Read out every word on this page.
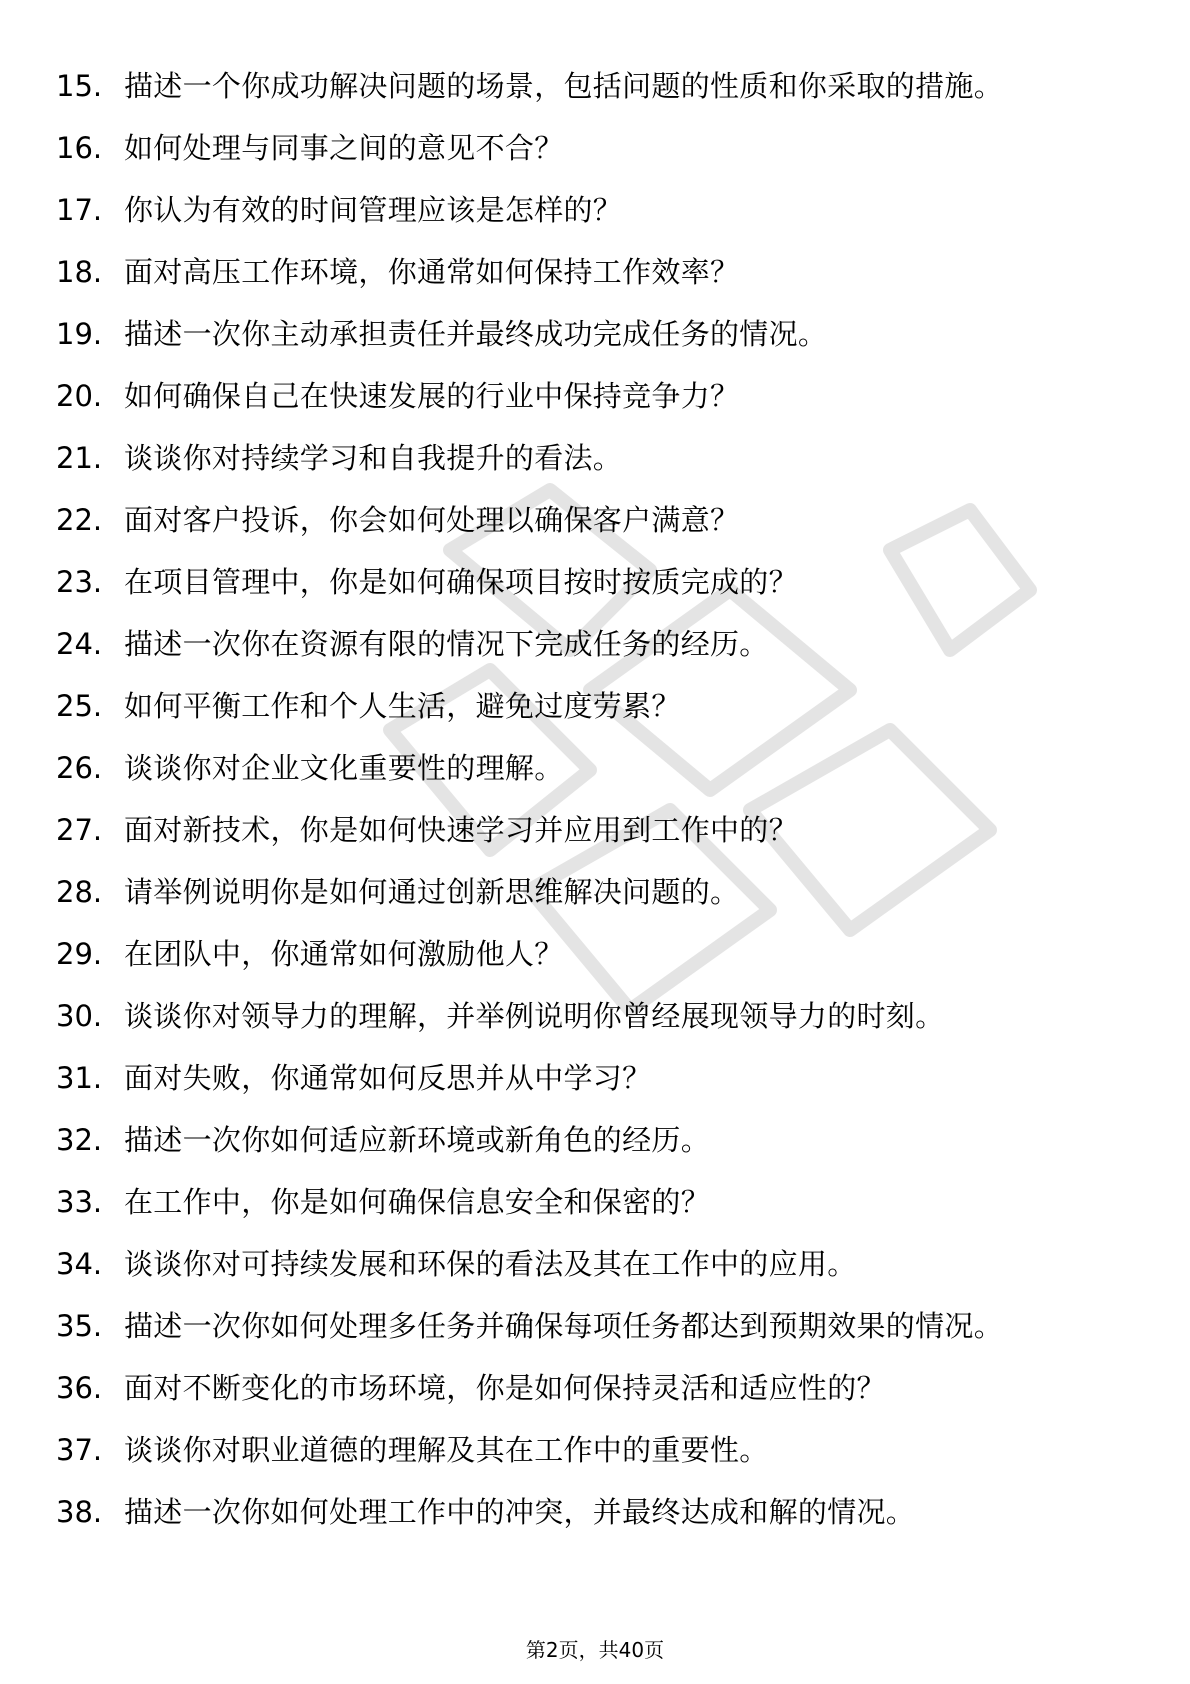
15. 描述一个你成功解决问题的场景，包括问题的性质和你采取的措施。
16. 如何处理与同事之间的意见不合？
17. 你认为有效的时间管理应该是怎样的？
18. 面对高压工作环境，你通常如何保持工作效率？
19. 描述一次你主动承担责任并最终成功完成任务的情况。
20. 如何确保自己在快速发展的行业中保持竞争力？
21. 谈谈你对持续学习和自我提升的看法。
22. 面对客户投诉，你会如何处理以确保客户满意？
23. 在项目管理中，你是如何确保项目按时按质完成的？
24. 描述一次你在资源有限的情况下完成任务的经历。
25. 如何平衡工作和个人生活，避免过度劳累？
26. 谈谈你对企业文化重要性的理解。
27. 面对新技术，你是如何快速学习并应用到工作中的？
28. 请举例说明你是如何通过创新思维解决问题的。
29. 在团队中，你通常如何激励他人？
30. 谈谈你对领导力的理解，并举例说明你曾经展现领导力的时刻。
31. 面对失败，你通常如何反思并从中学习？
32. 描述一次你如何适应新环境或新角色的经历。
33. 在工作中，你是如何确保信息安全和保密的？
34. 谈谈你对可持续发展和环保的看法及其在工作中的应用。
35. 描述一次你如何处理多任务并确保每项任务都达到预期效果的情况。
36. 面对不断变化的市场环境，你是如何保持灵活和适应性的？
37. 谈谈你对职业道德的理解及其在工作中的重要性。
38. 描述一次你如何处理工作中的冲突，并最终达成和解的情况。
第2页，共40页
